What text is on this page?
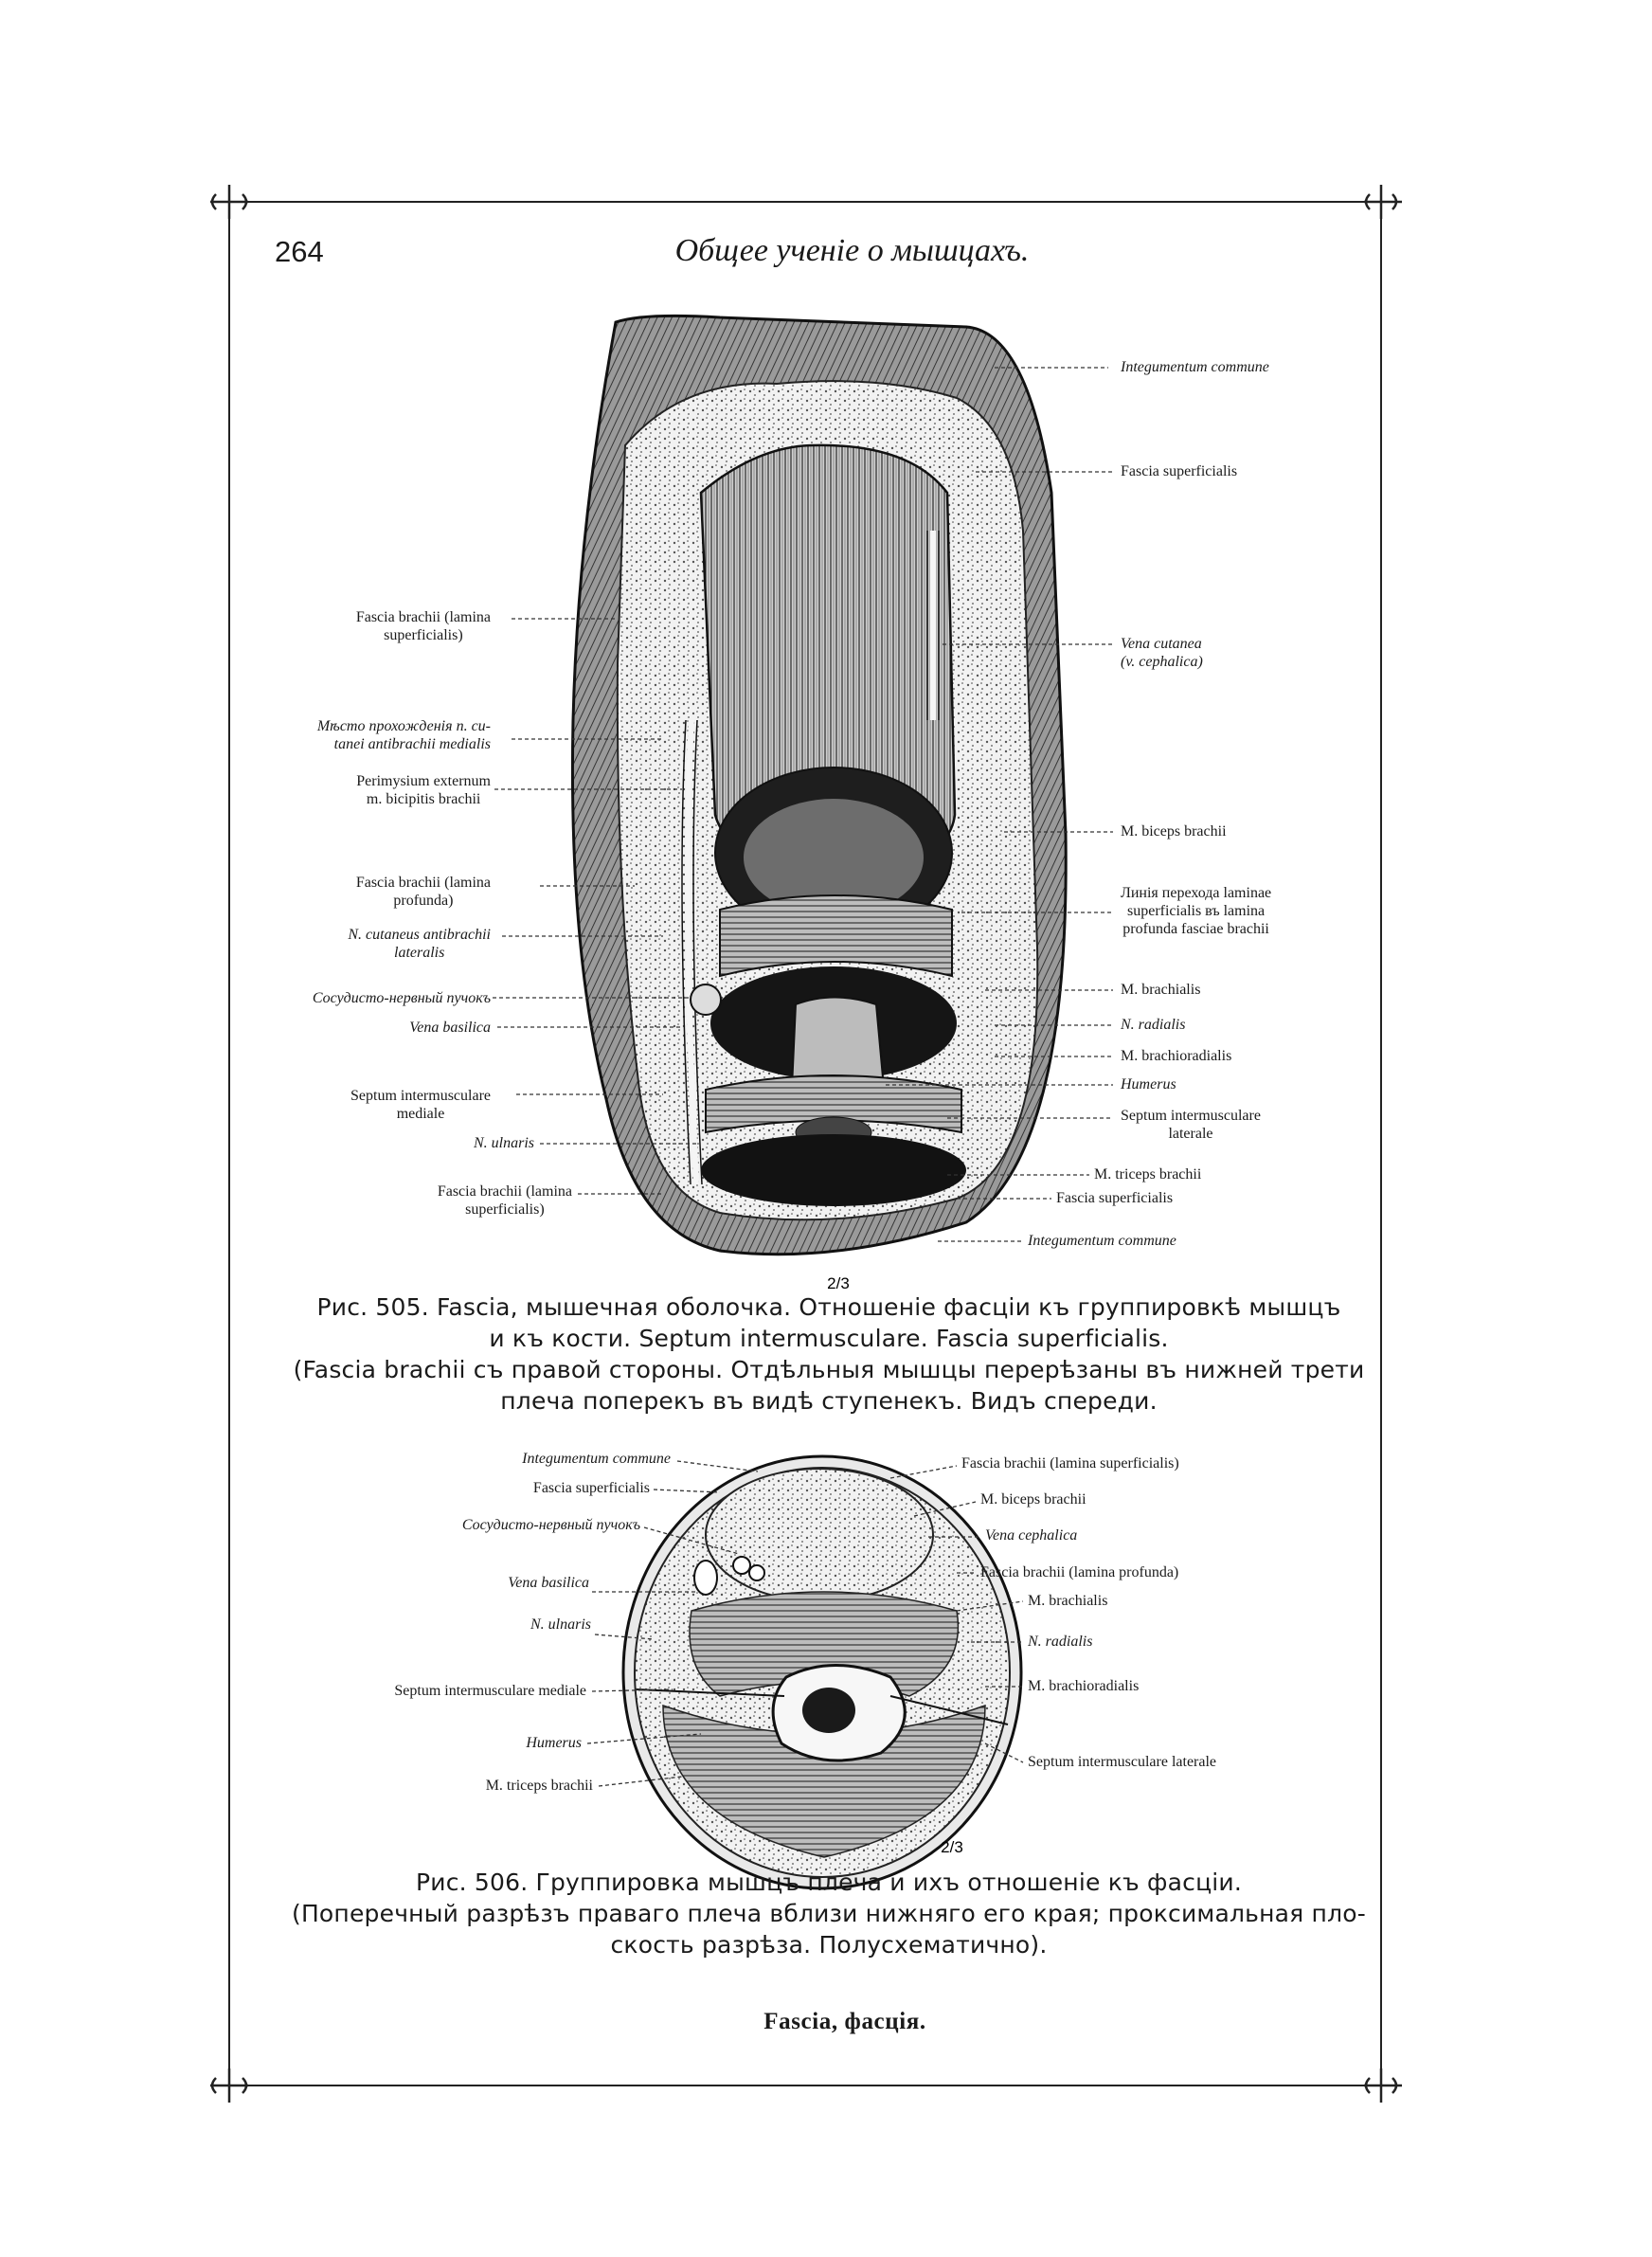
264	Общее ученіе о мышцахъ.
2/3
Fascia brachii (lamina
superficialis)
Мѣсто прохожденія n. cu-
tanei antibrachii medialis
Perimysium externum
m. bicipitis brachii
Fascia brachii (lamina
profunda)
N. cutaneus antibrachii
lateralis
Сосудисто-нервный пучокъ
Vena basilica
Septum intermusculare
mediale
N. ulnaris
Fascia brachii (lamina
superficialis)
Integumentum commune
Fascia superficialis
Vena cutanea
(v. cephalica)
M. biceps brachii
Линія перехода laminae
superficialis въ lamina
profunda fasciae brachii
M. brachialis
N. radialis
M. brachioradialis
Humerus
Septum intermusculare
laterale
M. triceps brachii
Fascia superficialis
Integumentum commune
Рис. 505. Fascia, мышечная оболочка. Отношеніе фасціи къ группировкѣ мышцъ
и къ кости. Septum intermusculare. Fascia superficialis.
(Fascia brachii съ правой стороны. Отдѣльныя мышцы перерѣзаны въ нижней трети
плеча поперекъ въ видѣ ступенекъ. Видъ спереди.
2/3
Integumentum commune
Fascia superficialis
Сосудисто-нервный пучокъ
Vena basilica
N. ulnaris
Septum intermusculare mediale
Humerus
M. triceps brachii
Fascia brachii (lamina superficialis)
M. biceps brachii
Vena cephalica
Fascia brachii (lamina profunda)
M. brachialis
N. radialis
M. brachioradialis
Septum intermusculare laterale
Рис. 506. Группировка мышцъ плеча и ихъ отношеніе къ фасціи.
(Поперечный разрѣзъ праваго плеча вблизи нижняго его края; проксимальная пло-
скость разрѣза. Полусхематично).
Fascia, фасція.
